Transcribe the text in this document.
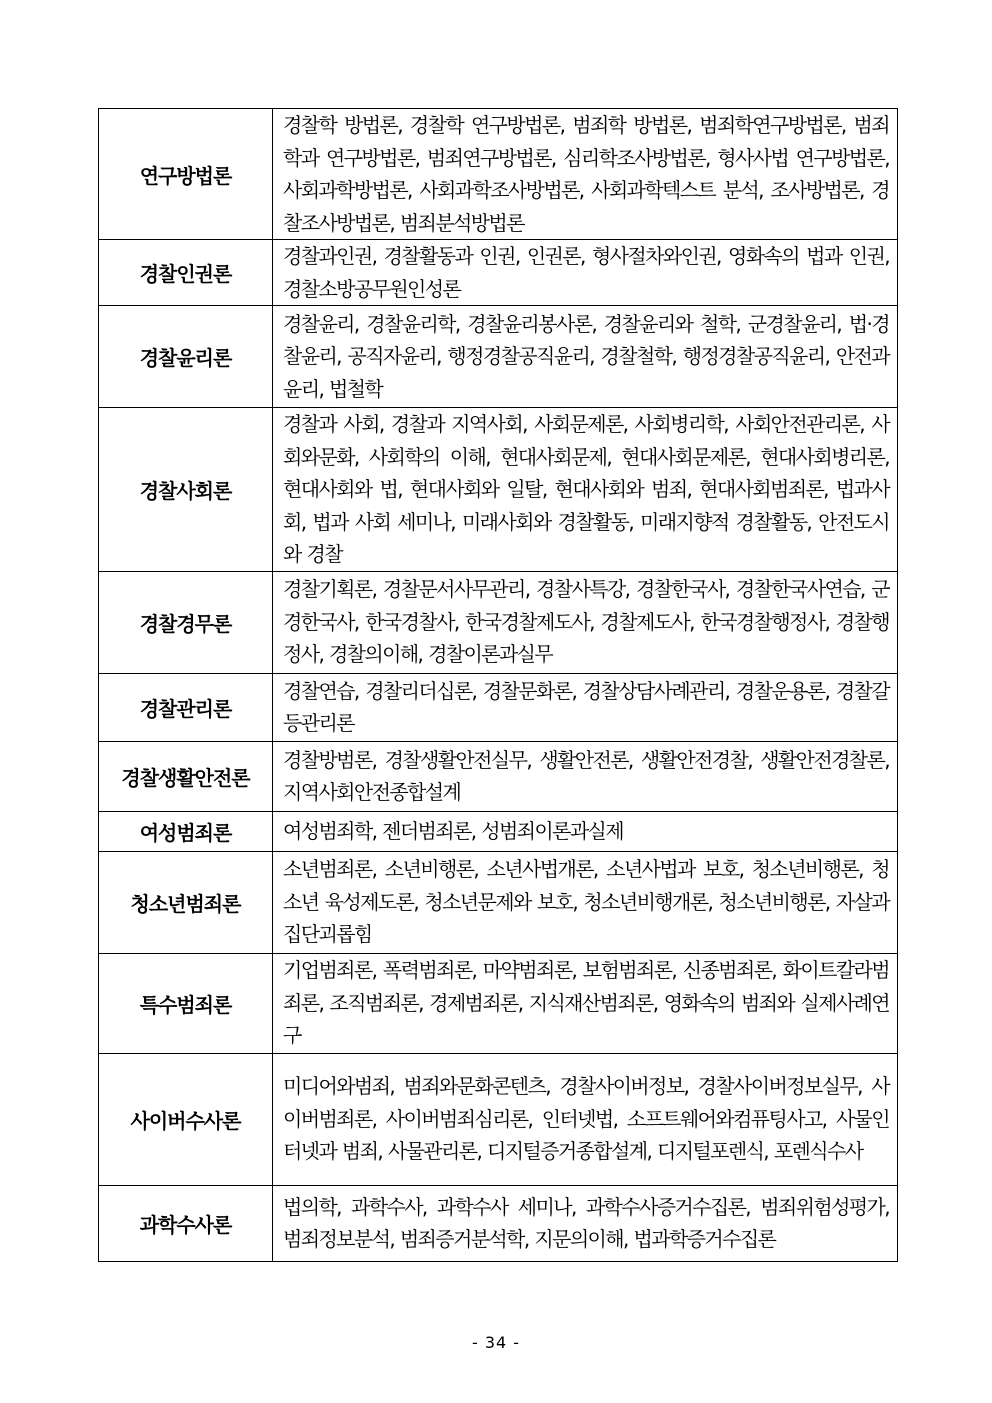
연구방법론	경찰학 방법론, 경찰학 연구방법론, 범죄학 방법론, 범죄학연구방법론, 범죄학과 연구방법론, 범죄연구방법론, 심리학조사방법론, 형사사법 연구방법론, 사회과학방법론, 사회과학조사방법론, 사회과학텍스트 분석, 조사방법론, 경찰조사방법론, 범죄분석방법론
경찰인권론	경찰과인권, 경찰활동과 인권, 인권론, 형사절차와인권, 영화속의 법과 인권, 경찰소방공무원인성론
경찰윤리론	경찰윤리, 경찰윤리학, 경찰윤리봉사론, 경찰윤리와 철학, 군경찰윤리, 법·경찰윤리, 공직자윤리, 행정경찰공직윤리, 경찰철학, 행정경찰공직윤리, 안전과윤리, 법철학
경찰사회론	경찰과 사회, 경찰과 지역사회, 사회문제론, 사회병리학, 사회안전관리론, 사회와문화, 사회학의 이해, 현대사회문제, 현대사회문제론, 현대사회병리론, 현대사회와 법, 현대사회와 일탈, 현대사회와 범죄, 현대사회범죄론, 법과사회, 법과 사회 세미나, 미래사회와 경찰활동, 미래지향적 경찰활동, 안전도시와 경찰
경찰경무론	경찰기획론, 경찰문서사무관리, 경찰사특강, 경찰한국사, 경찰한국사연습, 군경한국사, 한국경찰사, 한국경찰제도사, 경찰제도사, 한국경찰행정사, 경찰행정사, 경찰의이해, 경찰이론과실무
경찰관리론	경찰연습, 경찰리더십론, 경찰문화론, 경찰상담사례관리, 경찰운용론, 경찰갈등관리론
경찰생활안전론	경찰방범론, 경찰생활안전실무, 생활안전론, 생활안전경찰, 생활안전경찰론, 지역사회안전종합설계
여성범죄론	여성범죄학, 젠더범죄론, 성범죄이론과실제
청소년범죄론	소년범죄론, 소년비행론, 소년사법개론, 소년사법과 보호, 청소년비행론, 청소년 육성제도론, 청소년문제와 보호, 청소년비행개론, 청소년비행론, 자살과집단괴롭힘
특수범죄론	기업범죄론, 폭력범죄론, 마약범죄론, 보험범죄론, 신종범죄론, 화이트칼라범죄론, 조직범죄론, 경제범죄론, 지식재산범죄론, 영화속의 범죄와 실제사례연구
사이버수사론	미디어와범죄, 범죄와문화콘텐츠, 경찰사이버정보, 경찰사이버정보실무, 사이버범죄론, 사이버범죄심리론, 인터넷법, 소프트웨어와컴퓨팅사고, 사물인터넷과 범죄, 사물관리론, 디지털증거종합설계, 디지털포렌식, 포렌식수사
과학수사론	법의학, 과학수사, 과학수사 세미나, 과학수사증거수집론, 범죄위험성평가, 범죄정보분석, 범죄증거분석학, 지문의이해, 법과학증거수집론
- 34 -
